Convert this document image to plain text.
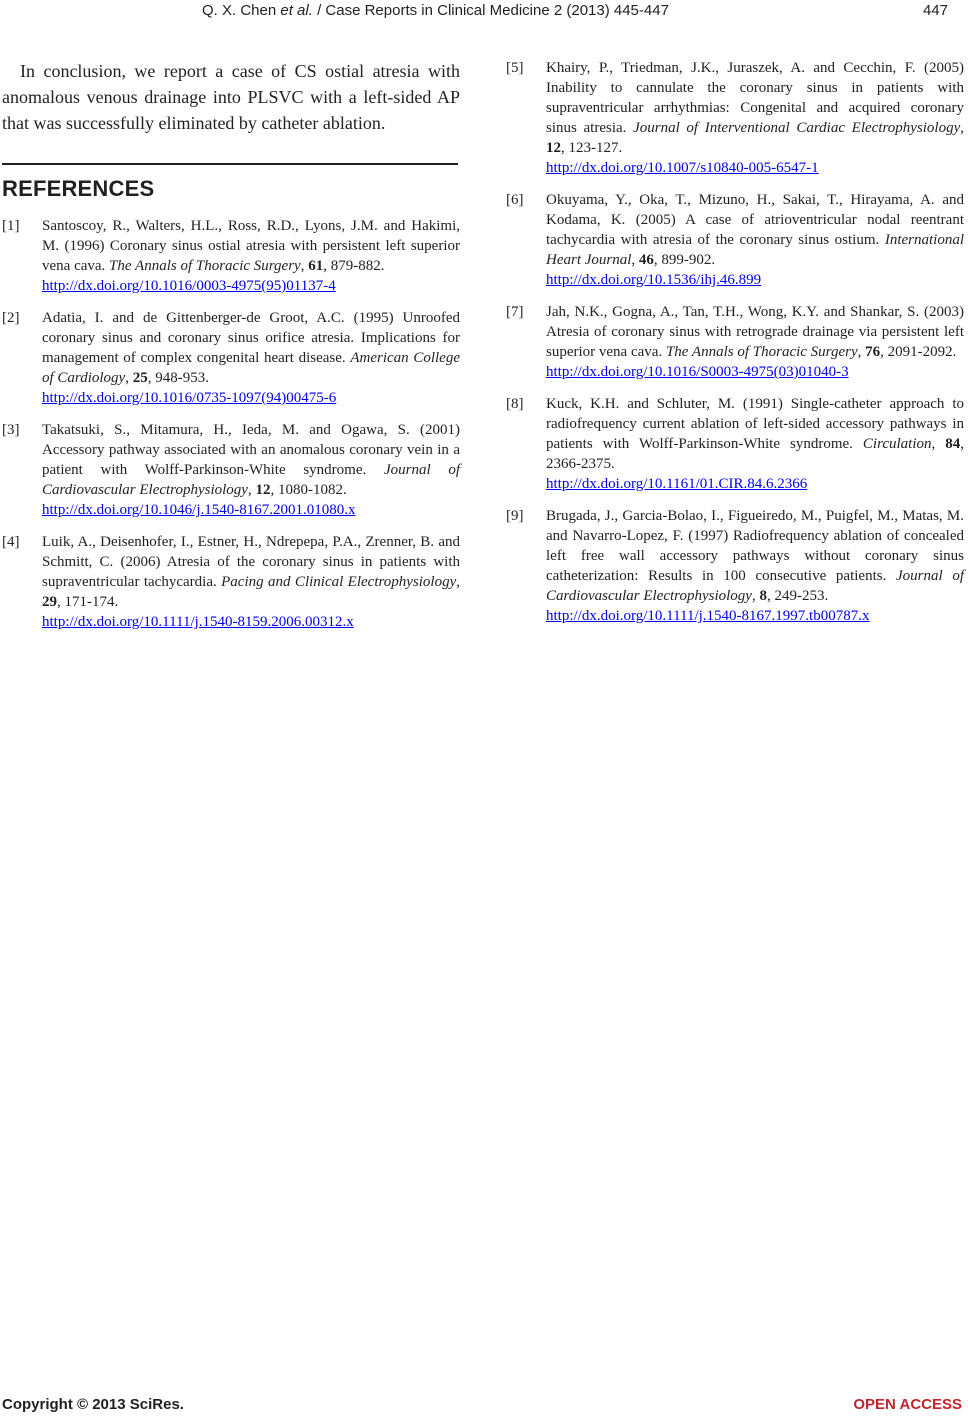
Q. X. Chen et al. / Case Reports in Clinical Medicine 2 (2013) 445-447	447

In conclusion, we report a case of CS ostial atresia with anomalous venous drainage into PLSVC with a left-sided AP that was successfully eliminated by catheter ablation.

REFERENCES
[1]	Santoscoy, R., Walters, H.L., Ross, R.D., Lyons, J.M. and Hakimi, M. (1996) Coronary sinus ostial atresia with persistent left superior vena cava. The Annals of Thoracic Surgery, 61, 879-882.
http://dx.doi.org/10.1016/0003-4975(95)01137-4
[2]	Adatia, I. and de Gittenberger-de Groot, A.C. (1995) Unroofed coronary sinus and coronary sinus orifice atresia. Implications for management of complex congenital heart disease. American College of Cardiology, 25, 948-953.
http://dx.doi.org/10.1016/0735-1097(94)00475-6
[3]	Takatsuki, S., Mitamura, H., Ieda, M. and Ogawa, S. (2001) Accessory pathway associated with an anomalous coronary vein in a patient with Wolff-Parkinson-White syndrome. Journal of Cardiovascular Electrophysiology, 12, 1080-1082.
http://dx.doi.org/10.1046/j.1540-8167.2001.01080.x
[4]	Luik, A., Deisenhofer, I., Estner, H., Ndrepepa, P.A., Zrenner, B. and Schmitt, C. (2006) Atresia of the coronary sinus in patients with supraventricular tachycardia. Pacing and Clinical Electrophysiology, 29, 171-174.
http://dx.doi.org/10.1111/j.1540-8159.2006.00312.x
[5]	Khairy, P., Triedman, J.K., Juraszek, A. and Cecchin, F. (2005) Inability to cannulate the coronary sinus in patients with supraventricular arrhythmias: Congenital and acquired coronary sinus atresia. Journal of Interventional Cardiac Electrophysiology, 12, 123-127.
http://dx.doi.org/10.1007/s10840-005-6547-1
[6]	Okuyama, Y., Oka, T., Mizuno, H., Sakai, T., Hirayama, A. and Kodama, K. (2005) A case of atrioventricular nodal reentrant tachycardia with atresia of the coronary sinus ostium. International Heart Journal, 46, 899-902.
http://dx.doi.org/10.1536/ihj.46.899
[7]	Jah, N.K., Gogna, A., Tan, T.H., Wong, K.Y. and Shankar, S. (2003) Atresia of coronary sinus with retrograde drainage via persistent left superior vena cava. The Annals of Thoracic Surgery, 76, 2091-2092.
http://dx.doi.org/10.1016/S0003-4975(03)01040-3
[8]	Kuck, K.H. and Schluter, M. (1991) Single-catheter approach to radiofrequency current ablation of left-sided accessory pathways in patients with Wolff-Parkinson-White syndrome. Circulation, 84, 2366-2375.
http://dx.doi.org/10.1161/01.CIR.84.6.2366
[9]	Brugada, J., Garcia-Bolao, I., Figueiredo, M., Puigfel, M., Matas, M. and Navarro-Lopez, F. (1997) Radiofrequency ablation of concealed left free wall accessory pathways without coronary sinus catheterization: Results in 100 consecutive patients. Journal of Cardiovascular Electrophysiology, 8, 249-253.
http://dx.doi.org/10.1111/j.1540-8167.1997.tb00787.x
Copyright © 2013 SciRes.	OPEN ACCESS
